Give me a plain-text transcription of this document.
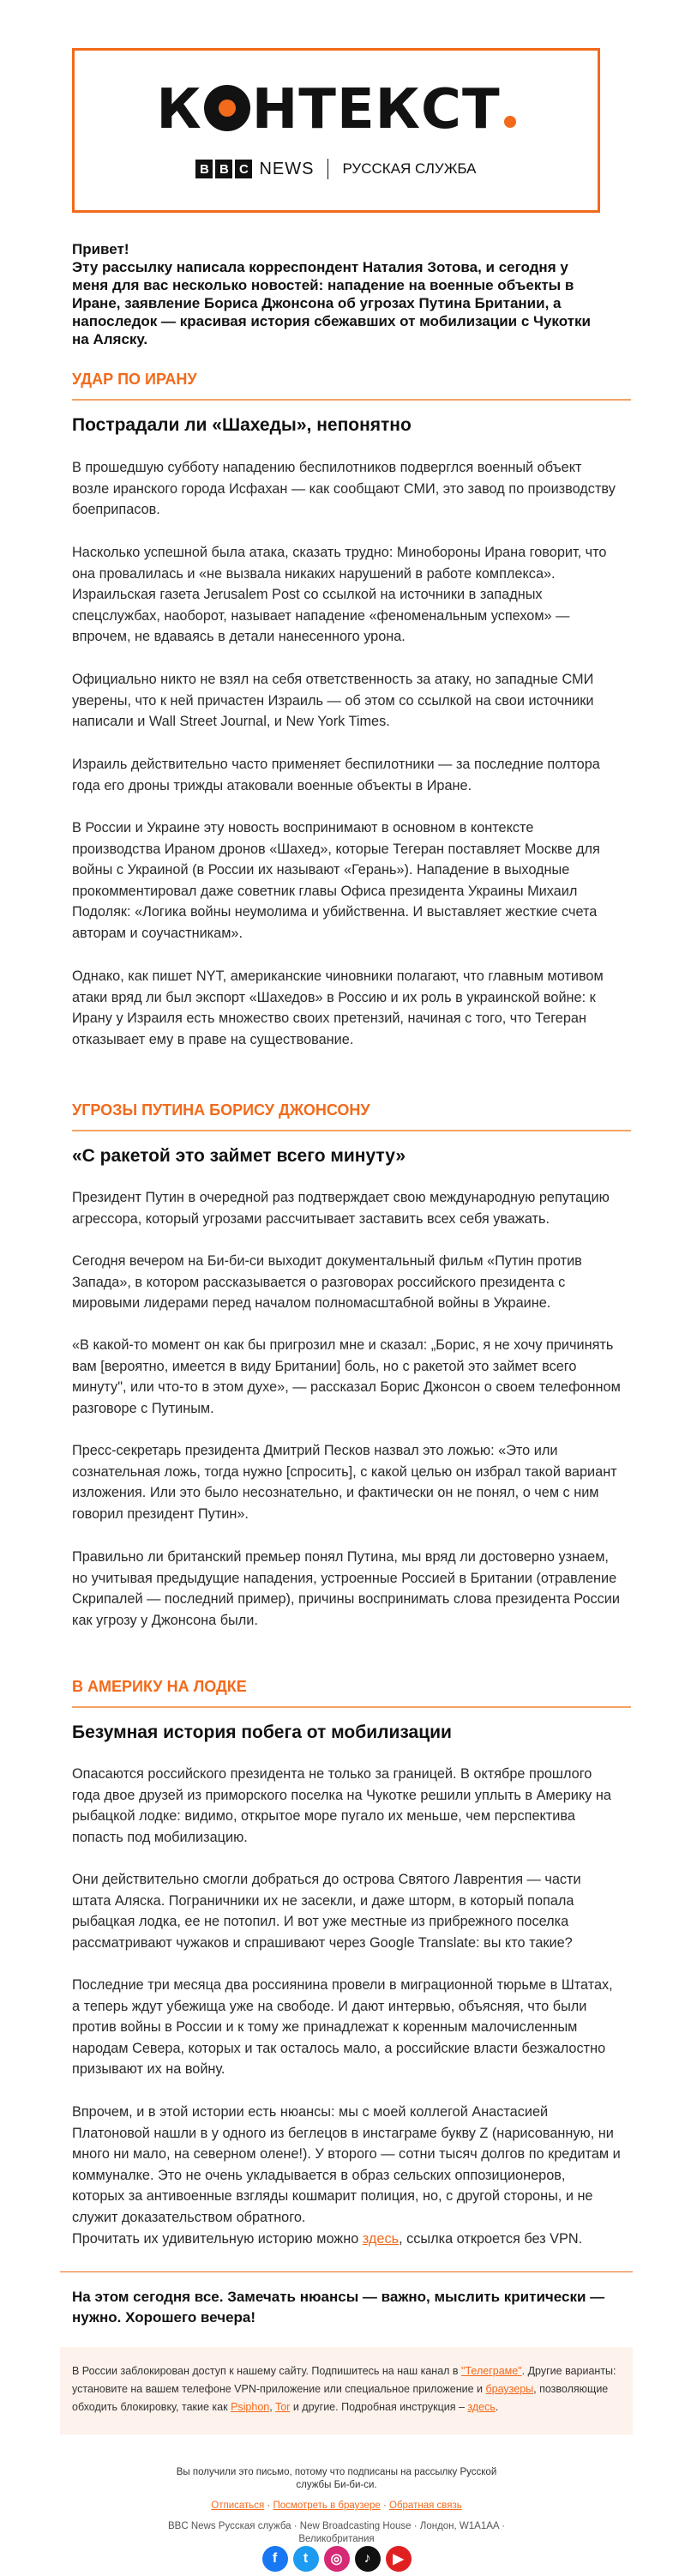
К НТЕКСТ
B B C NEWS РУССКАЯ СЛУЖБА
Привет!
Эту рассылку написала корреспондент Наталия Зотова, и сегодня у меня для вас несколько новостей: нападение на военные объекты в Иране, заявление Бориса Джонсона об угрозах Путина Британии, а напоследок — красивая история сбежавших от мобилизации с Чукотки на Аляску.
УДАР ПО ИРАНУ
Пострадали ли «Шахеды», непонятно
В прошедшую субботу нападению беспилотников подверглся военный объект возле иранского города Исфахан — как сообщают СМИ, это завод по производству боеприпасов.
Насколько успешной была атака, сказать трудно: Минобороны Ирана говорит, что она провалилась и «не вызвала никаких нарушений в работе комплекса». Израильская газета Jerusalem Post со ссылкой на источники в западных спецслужбах, наоборот, называет нападение «феноменальным успехом» — впрочем, не вдаваясь в детали нанесенного урона.
Официально никто не взял на себя ответственность за атаку, но западные СМИ уверены, что к ней причастен Израиль — об этом со ссылкой на свои источники написали и Wall Street Journal, и New York Times.
Израиль действительно часто применяет беспилотники — за последние полтора года его дроны трижды атаковали военные объекты в Иране.
В России и Украине эту новость воспринимают в основном в контексте производства Ираном дронов «Шахед», которые Тегеран поставляет Москве для войны с Украиной (в России их называют «Герань»). Нападение в выходные прокомментировал даже советник главы Офиса президента Украины Михаил Подоляк: «Логика войны неумолима и убийственна. И выставляет жесткие счета авторам и соучастникам».
Однако, как пишет NYT, американские чиновники полагают, что главным мотивом атаки вряд ли был экспорт «Шахедов» в Россию и их роль в украинской войне: к Ирану у Израиля есть множество своих претензий, начиная с того, что Тегеран отказывает ему в праве на существование.
УГРОЗЫ ПУТИНА БОРИСУ ДЖОНСОНУ
«С ракетой это займет всего минуту»
Президент Путин в очередной раз подтверждает свою международную репутацию агрессора, который угрозами рассчитывает заставить всех себя уважать.
Сегодня вечером на Би-би-си выходит документальный фильм «Путин против Запада», в котором рассказывается о разговорах российского президента с мировыми лидерами перед началом полномасштабной войны в Украине.
«В какой-то момент он как бы пригрозил мне и сказал: „Борис, я не хочу причинять вам [вероятно, имеется в виду Британии] боль, но с ракетой это займет всего минуту", или что-то в этом духе», — рассказал Борис Джонсон о своем телефонном разговоре с Путиным.
Пресс-секретарь президента Дмитрий Песков назвал это ложью: «Это или сознательная ложь, тогда нужно [спросить], с какой целью он избрал такой вариант изложения. Или это было несознательно, и фактически он не понял, о чем с ним говорил президент Путин».
Правильно ли британский премьер понял Путина, мы вряд ли достоверно узнаем, но учитывая предыдущие нападения, устроенные Россией в Британии (отравление Скрипалей — последний пример), причины воспринимать слова президента России как угрозу у Джонсона были.
В АМЕРИКУ НА ЛОДКЕ
Безумная история побега от мобилизации
Опасаются российского президента не только за границей. В октябре прошлого года двое друзей из приморского поселка на Чукотке решили уплыть в Америку на рыбацкой лодке: видимо, открытое море пугало их меньше, чем перспектива попасть под мобилизацию.
Они действительно смогли добраться до острова Святого Лаврентия — части штата Аляска. Пограничники их не засекли, и даже шторм, в который попала рыбацкая лодка, ее не потопил. И вот уже местные из прибрежного поселка рассматривают чужаков и спрашивают через Google Translate: вы кто такие?
Последние три месяца два россиянина провели в миграционной тюрьме в Штатах, а теперь ждут убежища уже на свободе. И дают интервью, объясняя, что были против войны в России и к тому же принадлежат к коренным малочисленным народам Севера, которых и так осталось мало, а российские власти безжалостно призывают их на войну.
Впрочем, и в этой истории есть нюансы: мы с моей коллегой Анастасией Платоновой нашли в у одного из беглецов в инстаграме букву Z (нарисованную, ни много ни мало, на северном олене!). У второго — сотни тысяч долгов по кредитам и коммуналке. Это не очень укладывается в образ сельских оппозиционеров, которых за антивоенные взгляды кошмарит полиция, но, с другой стороны, и не служит доказательством обратного.
Прочитать их удивительную историю можно здесь, ссылка откроется без VPN.
На этом сегодня все. Замечать нюансы — важно, мыслить критически — нужно. Хорошего вечера!
В России заблокирован доступ к нашему сайту. Подпишитесь на наш канал в "Телеграме". Другие варианты: установите на вашем телефоне VPN-приложение или специальное приложение и браузеры, позволяющие обходить блокировку, такие как Psiphon, Tor и другие. Подробная инструкция – здесь.
Вы получили это письмо, потому что подписаны на рассылку Русской службы Би-би-си.
Отписаться · Посмотреть в браузере · Обратная связь
BBC News Русская служба · New Broadcasting House · Лондон, W1A1AA · Великобритания
f	t	◎	♪	▶
